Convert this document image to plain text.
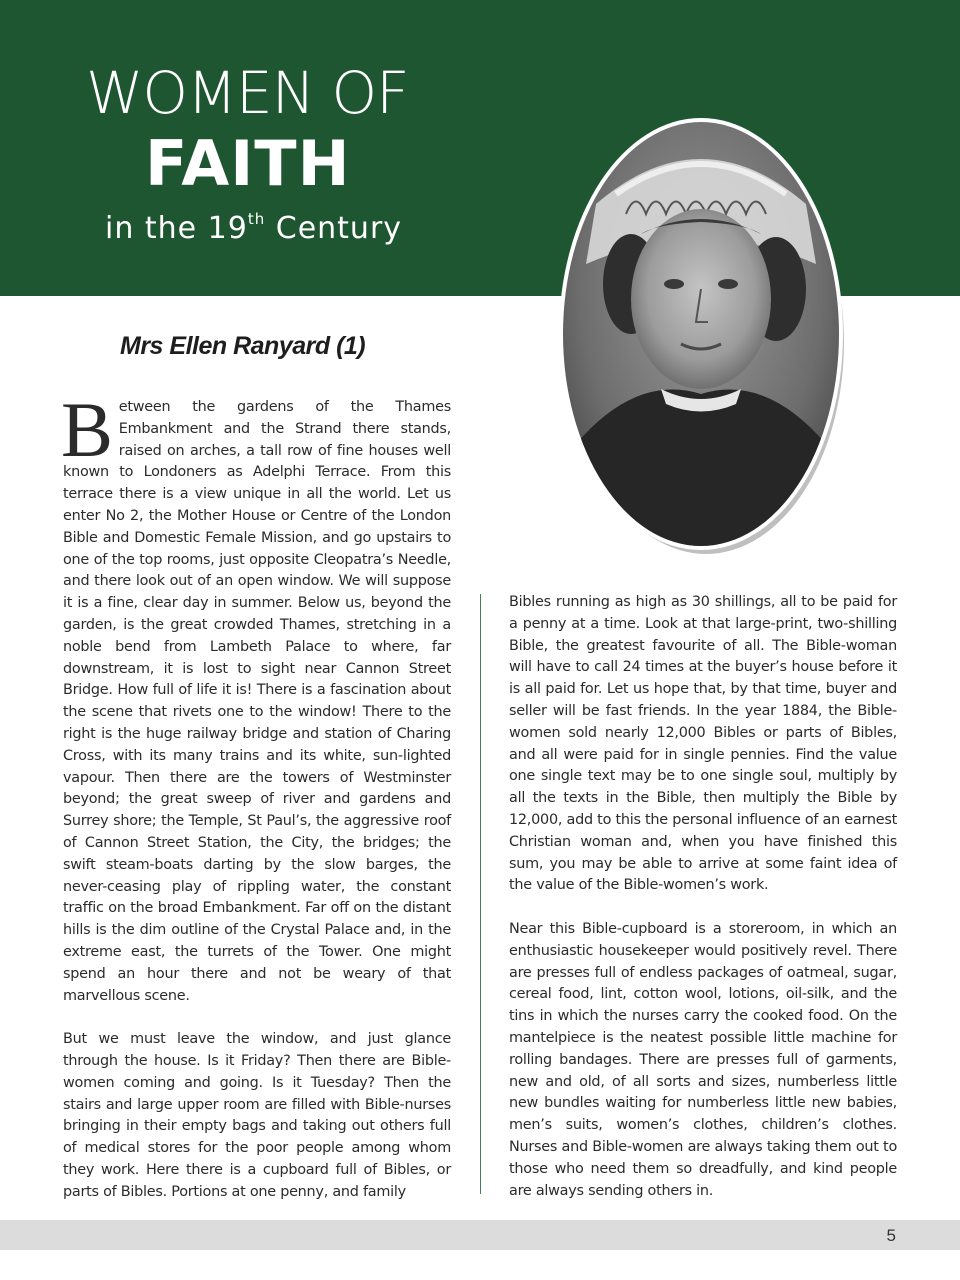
WOMEN OF
FAITH
in the 19th Century
Mrs Ellen Ranyard (1)

Between the gardens of the Thames Embankment and the Strand there stands, raised on arches, a tall row of fine houses well known to Londoners as Adelphi Terrace. From this terrace there is a view unique in all the world. Let us enter No 2, the Mother House or Centre of the London Bible and Domestic Female Mission, and go upstairs to one of the top rooms, just opposite Cleopatra’s Needle, and there look out of an open window. We will suppose it is a fine, clear day in summer. Below us, beyond the garden, is the great crowded Thames, stretching in a noble bend from Lambeth Palace to where, far downstream, it is lost to sight near Cannon Street Bridge. How full of life it is! There is a fascination about the scene that rivets one to the window! There to the right is the huge railway bridge and station of Charing Cross, with its many trains and its white, sun-lighted vapour. Then there are the towers of Westminster beyond; the great sweep of river and gardens and Surrey shore; the Temple, St Paul’s, the aggressive roof of Cannon Street Station, the City, the bridges; the swift steam-boats darting by the slow barges, the never-ceasing play of rippling water, the constant traffic on the broad Embankment. Far off on the distant hills is the dim outline of the Crystal Palace and, in the extreme east, the turrets of the Tower. One might spend an hour there and not be weary of that marvellous scene.

But we must leave the window, and just glance through the house. Is it Friday? Then there are Bible-women coming and going. Is it Tuesday? Then the stairs and large upper room are filled with Bible-nurses bringing in their empty bags and taking out others full of medical stores for the poor people among whom they work. Here there is a cupboard full of Bibles, or parts of Bibles. Portions at one penny, and family

Bibles running as high as 30 shillings, all to be paid for a penny at a time. Look at that large-print, two-shilling Bible, the greatest favourite of all. The Bible-woman will have to call 24 times at the buyer’s house before it is all paid for. Let us hope that, by that time, buyer and seller will be fast friends. In the year 1884, the Bible-women sold nearly 12,000 Bibles or parts of Bibles, and all were paid for in single pennies. Find the value one single text may be to one single soul, multiply by all the texts in the Bible, then multiply the Bible by 12,000, add to this the personal influence of an earnest Christian woman and, when you have finished this sum, you may be able to arrive at some faint idea of the value of the Bible-women’s work.

Near this Bible-cupboard is a storeroom, in which an enthusiastic housekeeper would positively revel. There are presses full of endless packages of oatmeal, sugar, cereal food, lint, cotton wool, lotions, oil-silk, and the tins in which the nurses carry the cooked food. On the mantelpiece is the neatest possible little machine for rolling bandages. There are presses full of garments, new and old, of all sorts and sizes, numberless little new bundles waiting for numberless little new babies, men’s suits, women’s clothes, children’s clothes. Nurses and Bible-women are always taking them out to those who need them so dreadfully, and kind people are always sending others in.

5
